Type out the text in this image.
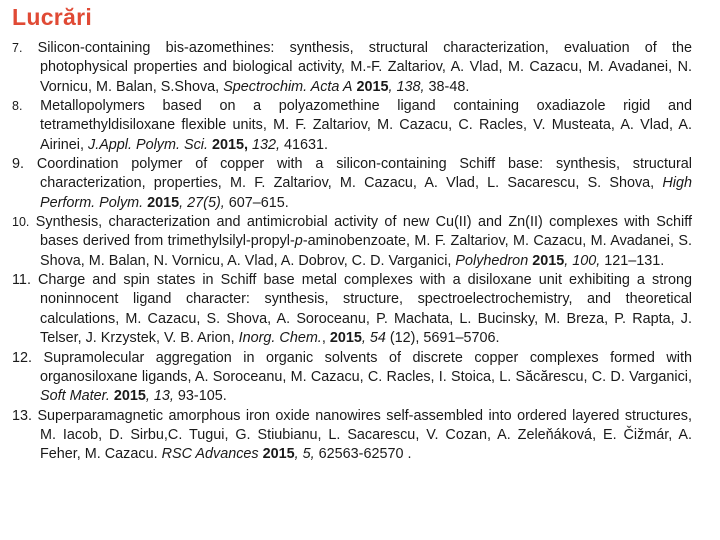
Lucrări
7. Silicon-containing bis-azomethines: synthesis, structural characterization, evaluation of the photophysical properties and biological activity, M.-F. Zaltariov, A. Vlad, M. Cazacu, M. Avadanei, N. Vornicu, M. Balan, S.Shova, Spectrochim. Acta A 2015, 138, 38-48.
8. Metallopolymers based on a polyazomethine ligand containing oxadiazole rigid and tetramethyldisiloxane flexible units, M. F. Zaltariov, M. Cazacu, C. Racles, V. Musteata, A. Vlad, A. Airinei, J.Appl. Polym. Sci. 2015, 132, 41631.
9. Coordination polymer of copper with a silicon-containing Schiff base: synthesis, structural characterization, properties, M. F. Zaltariov, M. Cazacu, A. Vlad, L. Sacarescu, S. Shova, High Perform. Polym. 2015, 27(5), 607–615.
10. Synthesis, characterization and antimicrobial activity of new Cu(II) and Zn(II) complexes with Schiff bases derived from trimethylsilyl-propyl-p-aminobenzoate, M. F. Zaltariov, M. Cazacu, M. Avadanei, S. Shova, M. Balan, N. Vornicu, A. Vlad, A. Dobrov, C. D. Varganici, Polyhedron 2015, 100, 121–131.
11. Charge and spin states in Schiff base metal complexes with a disiloxane unit exhibiting a strong noninnocent ligand character: synthesis, structure, spectroelectrochemistry, and theoretical calculations, M. Cazacu, S. Shova, A. Soroceanu, P. Machata, L. Bucinsky, M. Breza, P. Rapta, J. Telser, J. Krzystek, V. B. Arion, Inorg. Chem., 2015, 54 (12), 5691–5706.
12. Supramolecular aggregation in organic solvents of discrete copper complexes formed with organosiloxane ligands, A. Soroceanu, M. Cazacu, C. Racles, I. Stoica, L. Săcărescu, C. D. Varganici, Soft Mater. 2015, 13, 93-105.
13. Superparamagnetic amorphous iron oxide nanowires self-assembled into ordered layered structures, M. Iacob, D. Sirbu,C. Tugui, G. Stiubianu, L. Sacarescu, V. Cozan, A. Zeleňáková, E. Čižmár, A. Feher, M. Cazacu. RSC Advances 2015, 5, 62563-62570 .
